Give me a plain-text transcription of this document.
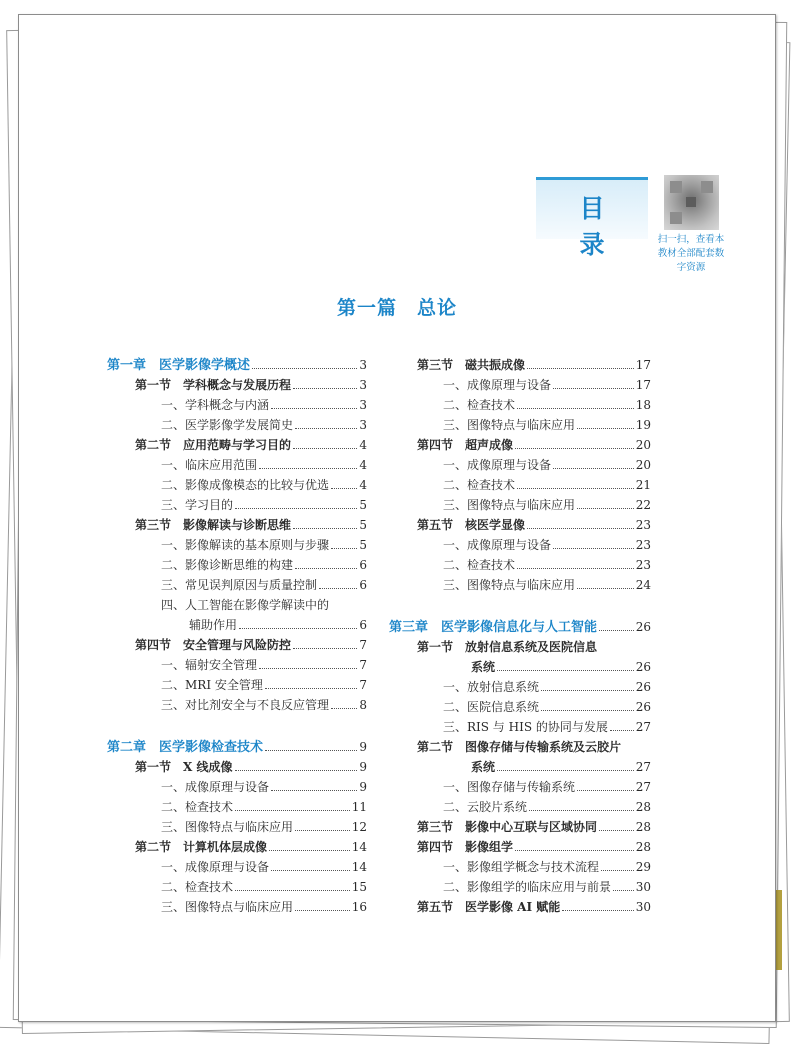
目 录	扫一扫，查看本教材全部配套数字资源
第一篇　总论
第一章　医学影像学概述	3
第一节　学科概念与发展历程	3
一、学科概念与内涵	3
二、医学影像学发展简史	3
第二节　应用范畴与学习目的	4
一、临床应用范围	4
二、影像成像模态的比较与优选	4
三、学习目的	5
第三节　影像解读与诊断思维	5
一、影像解读的基本原则与步骤	5
二、影像诊断思维的构建	6
三、常见误判原因与质量控制	6
四、人工智能在影像学解读中的
辅助作用	6
第四节　安全管理与风险防控	7
一、辐射安全管理	7
二、MRI 安全管理	7
三、对比剂安全与不良反应管理	8
第二章　医学影像检查技术	9
第一节　X 线成像	9
一、成像原理与设备	9
二、检查技术	11
三、图像特点与临床应用	12
第二节　计算机体层成像	14
一、成像原理与设备	14
二、检查技术	15
三、图像特点与临床应用	16
第三节　磁共振成像	17
一、成像原理与设备	17
二、检查技术	18
三、图像特点与临床应用	19
第四节　超声成像	20
一、成像原理与设备	20
二、检查技术	21
三、图像特点与临床应用	22
第五节　核医学显像	23
一、成像原理与设备	23
二、检查技术	23
三、图像特点与临床应用	24
第三章　医学影像信息化与人工智能	26
第一节　放射信息系统及医院信息
系统	26
一、放射信息系统	26
二、医院信息系统	26
三、RIS 与 HIS 的协同与发展 27
第二节　图像存储与传输系统及云胶片
系统	27
一、图像存储与传输系统	27
二、云胶片系统	28
第三节　影像中心互联与区域协同	28
第四节　影像组学	28
一、影像组学概念与技术流程	29
二、影像组学的临床应用与前景 30
第五节　医学影像 AI 赋能	30
